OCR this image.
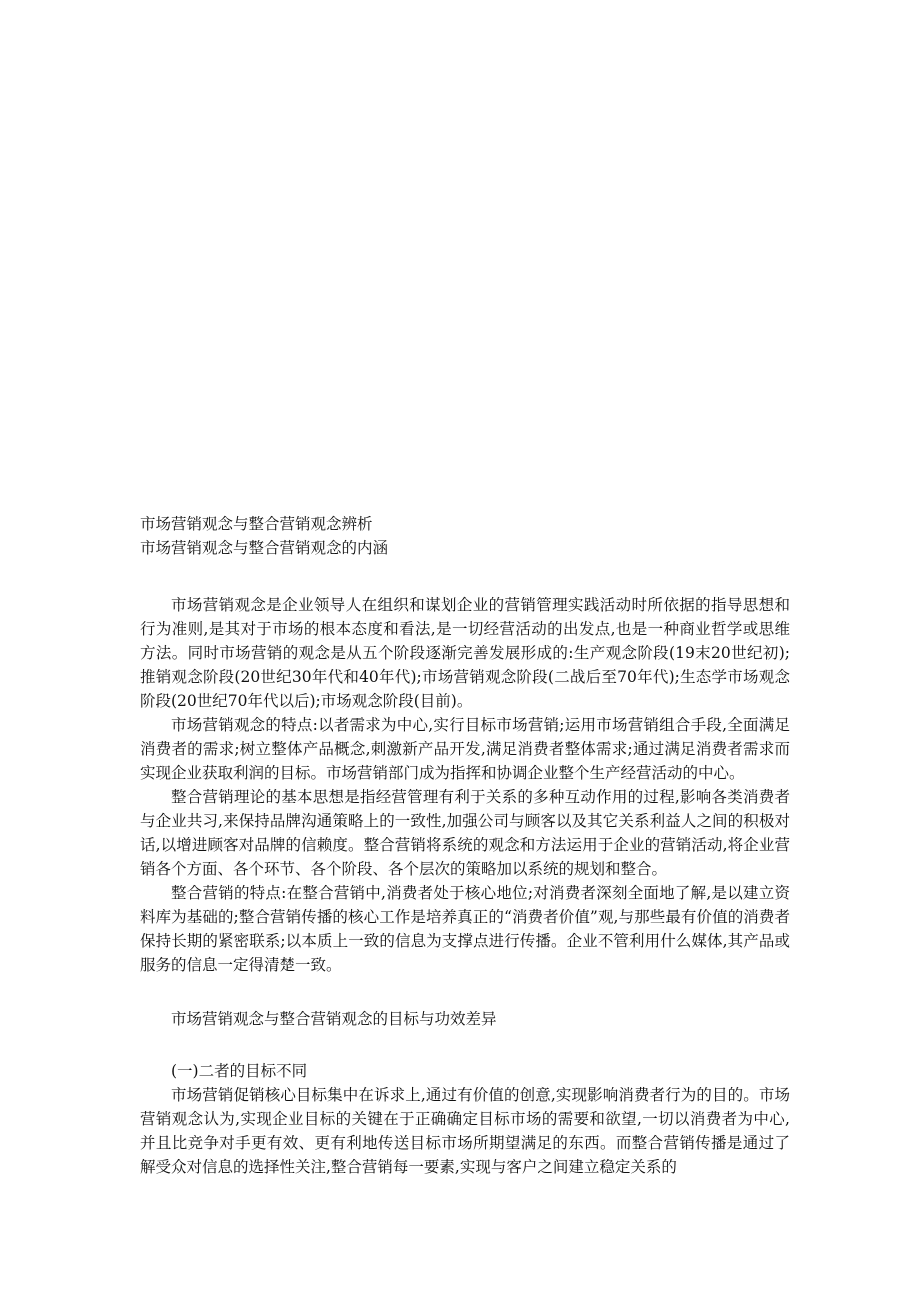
市场营销观念与整合营销观念辨析
市场营销观念与整合营销观念的内涵

市场营销观念是企业领导人在组织和谋划企业的营销管理实践活动时所依据的指导思想和行为准则,是其对于市场的根本态度和看法,是一切经营活动的出发点,也是一种商业哲学或思维方法。同时市场营销的观念是从五个阶段逐渐完善发展形成的:生产观念阶段(19末20世纪初);推销观念阶段(20世纪30年代和40年代);市场营销观念阶段(二战后至70年代);生态学市场观念阶段(20世纪70年代以后);市场观念阶段(目前)。

市场营销观念的特点:以者需求为中心,实行目标市场营销;运用市场营销组合手段,全面满足消费者的需求;树立整体产品概念,刺激新产品开发,满足消费者整体需求;通过满足消费者需求而实现企业获取利润的目标。市场营销部门成为指挥和协调企业整个生产经营活动的中心。

整合营销理论的基本思想是指经营管理有利于关系的多种互动作用的过程,影响各类消费者与企业共习,来保持品牌沟通策略上的一致性,加强公司与顾客以及其它关系利益人之间的积极对话,以增进顾客对品牌的信赖度。整合营销将系统的观念和方法运用于企业的营销活动,将企业营销各个方面、各个环节、各个阶段、各个层次的策略加以系统的规划和整合。

整合营销的特点:在整合营销中,消费者处于核心地位;对消费者深刻全面地了解,是以建立资料库为基础的;整合营销传播的核心工作是培养真正的“消费者价值”观,与那些最有价值的消费者保持长期的紧密联系;以本质上一致的信息为支撑点进行传播。企业不管利用什么媒体,其产品或服务的信息一定得清楚一致。

市场营销观念与整合营销观念的目标与功效差异

(一)二者的目标不同

市场营销促销核心目标集中在诉求上,通过有价值的创意,实现影响消费者行为的目的。市场营销观念认为,实现企业目标的关键在于正确确定目标市场的需要和欲望,一切以消费者为中心,并且比竞争对手更有效、更有利地传送目标市场所期望满足的东西。而整合营销传播是通过了解受众对信息的选择性关注,整合营销每一要素,实现与客户之间建立稳定关系的
